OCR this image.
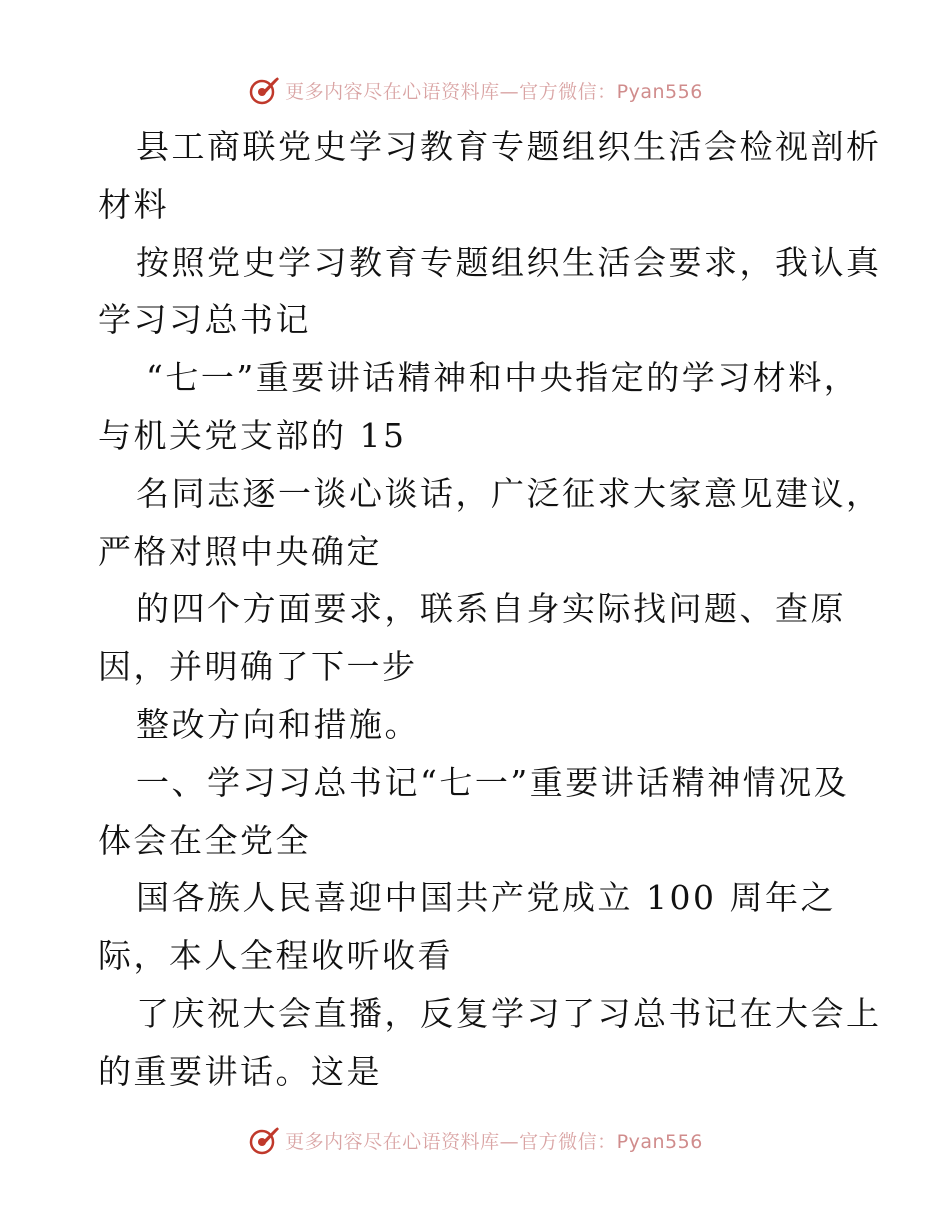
更多内容尽在心语资料库—官方微信：Pyan556
县工商联党史学习教育专题组织生活会检视剖析
材料
按照党史学习教育专题组织生活会要求，我认真
学习习总书记
“七一”重要讲话精神和中央指定的学习材料，
与机关党支部的 15
名同志逐一谈心谈话，广泛征求大家意见建议，
严格对照中央确定
的四个方面要求，联系自身实际找问题、查原
因，并明确了下一步
整改方向和措施。
一、学习习总书记“七一”重要讲话精神情况及
体会在全党全
国各族人民喜迎中国共产党成立 100 周年之
际，本人全程收听收看
了庆祝大会直播，反复学习了习总书记在大会上
的重要讲话。这是
更多内容尽在心语资料库—官方微信：Pyan556
